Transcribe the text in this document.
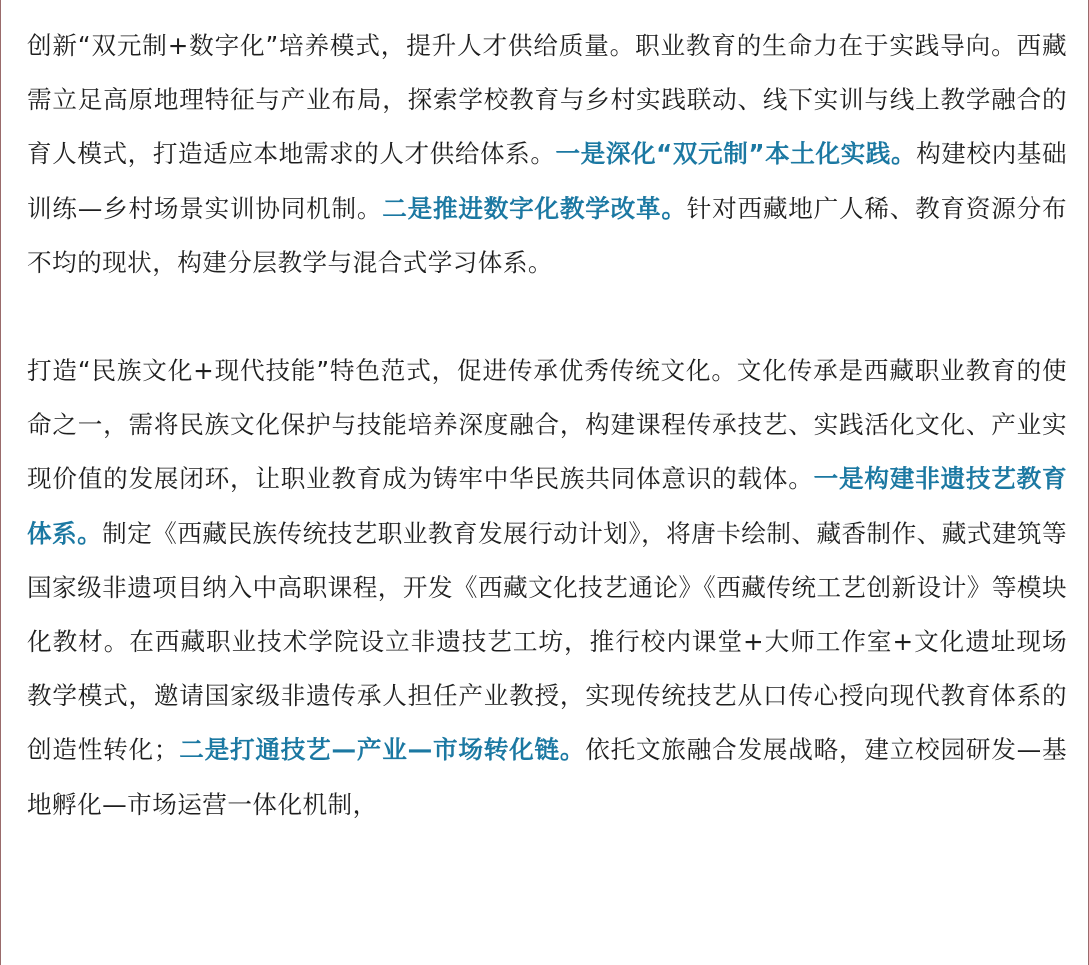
创新“双元制+数字化”培养模式，提升人才供给质量。职业教育的生命力在于实践导向。西藏需立足高原地理特征与产业布局，探索学校教育与乡村实践联动、线下实训与线上教学融合的育人模式，打造适应本地需求的人才供给体系。一是深化“双元制”本土化实践。构建校内基础训练—乡村场景实训协同机制。二是推进数字化教学改革。针对西藏地广人稀、教育资源分布不均的现状，构建分层教学与混合式学习体系。

打造“民族文化+现代技能”特色范式，促进传承优秀传统文化。文化传承是西藏职业教育的使命之一，需将民族文化保护与技能培养深度融合，构建课程传承技艺、实践活化文化、产业实现价值的发展闭环，让职业教育成为铸牢中华民族共同体意识的载体。一是构建非遗技艺教育体系。制定《西藏民族传统技艺职业教育发展行动计划》，将唐卡绘制、藏香制作、藏式建筑等国家级非遗项目纳入中高职课程，开发《西藏文化技艺通论》《西藏传统工艺创新设计》等模块化教材。在西藏职业技术学院设立非遗技艺工坊，推行校内课堂+大师工作室+文化遗址现场教学模式，邀请国家级非遗传承人担任产业教授，实现传统技艺从口传心授向现代教育体系的创造性转化；二是打通技艺—产业—市场转化链。依托文旅融合发展战略，建立校园研发—基地孵化—市场运营一体化机制，
